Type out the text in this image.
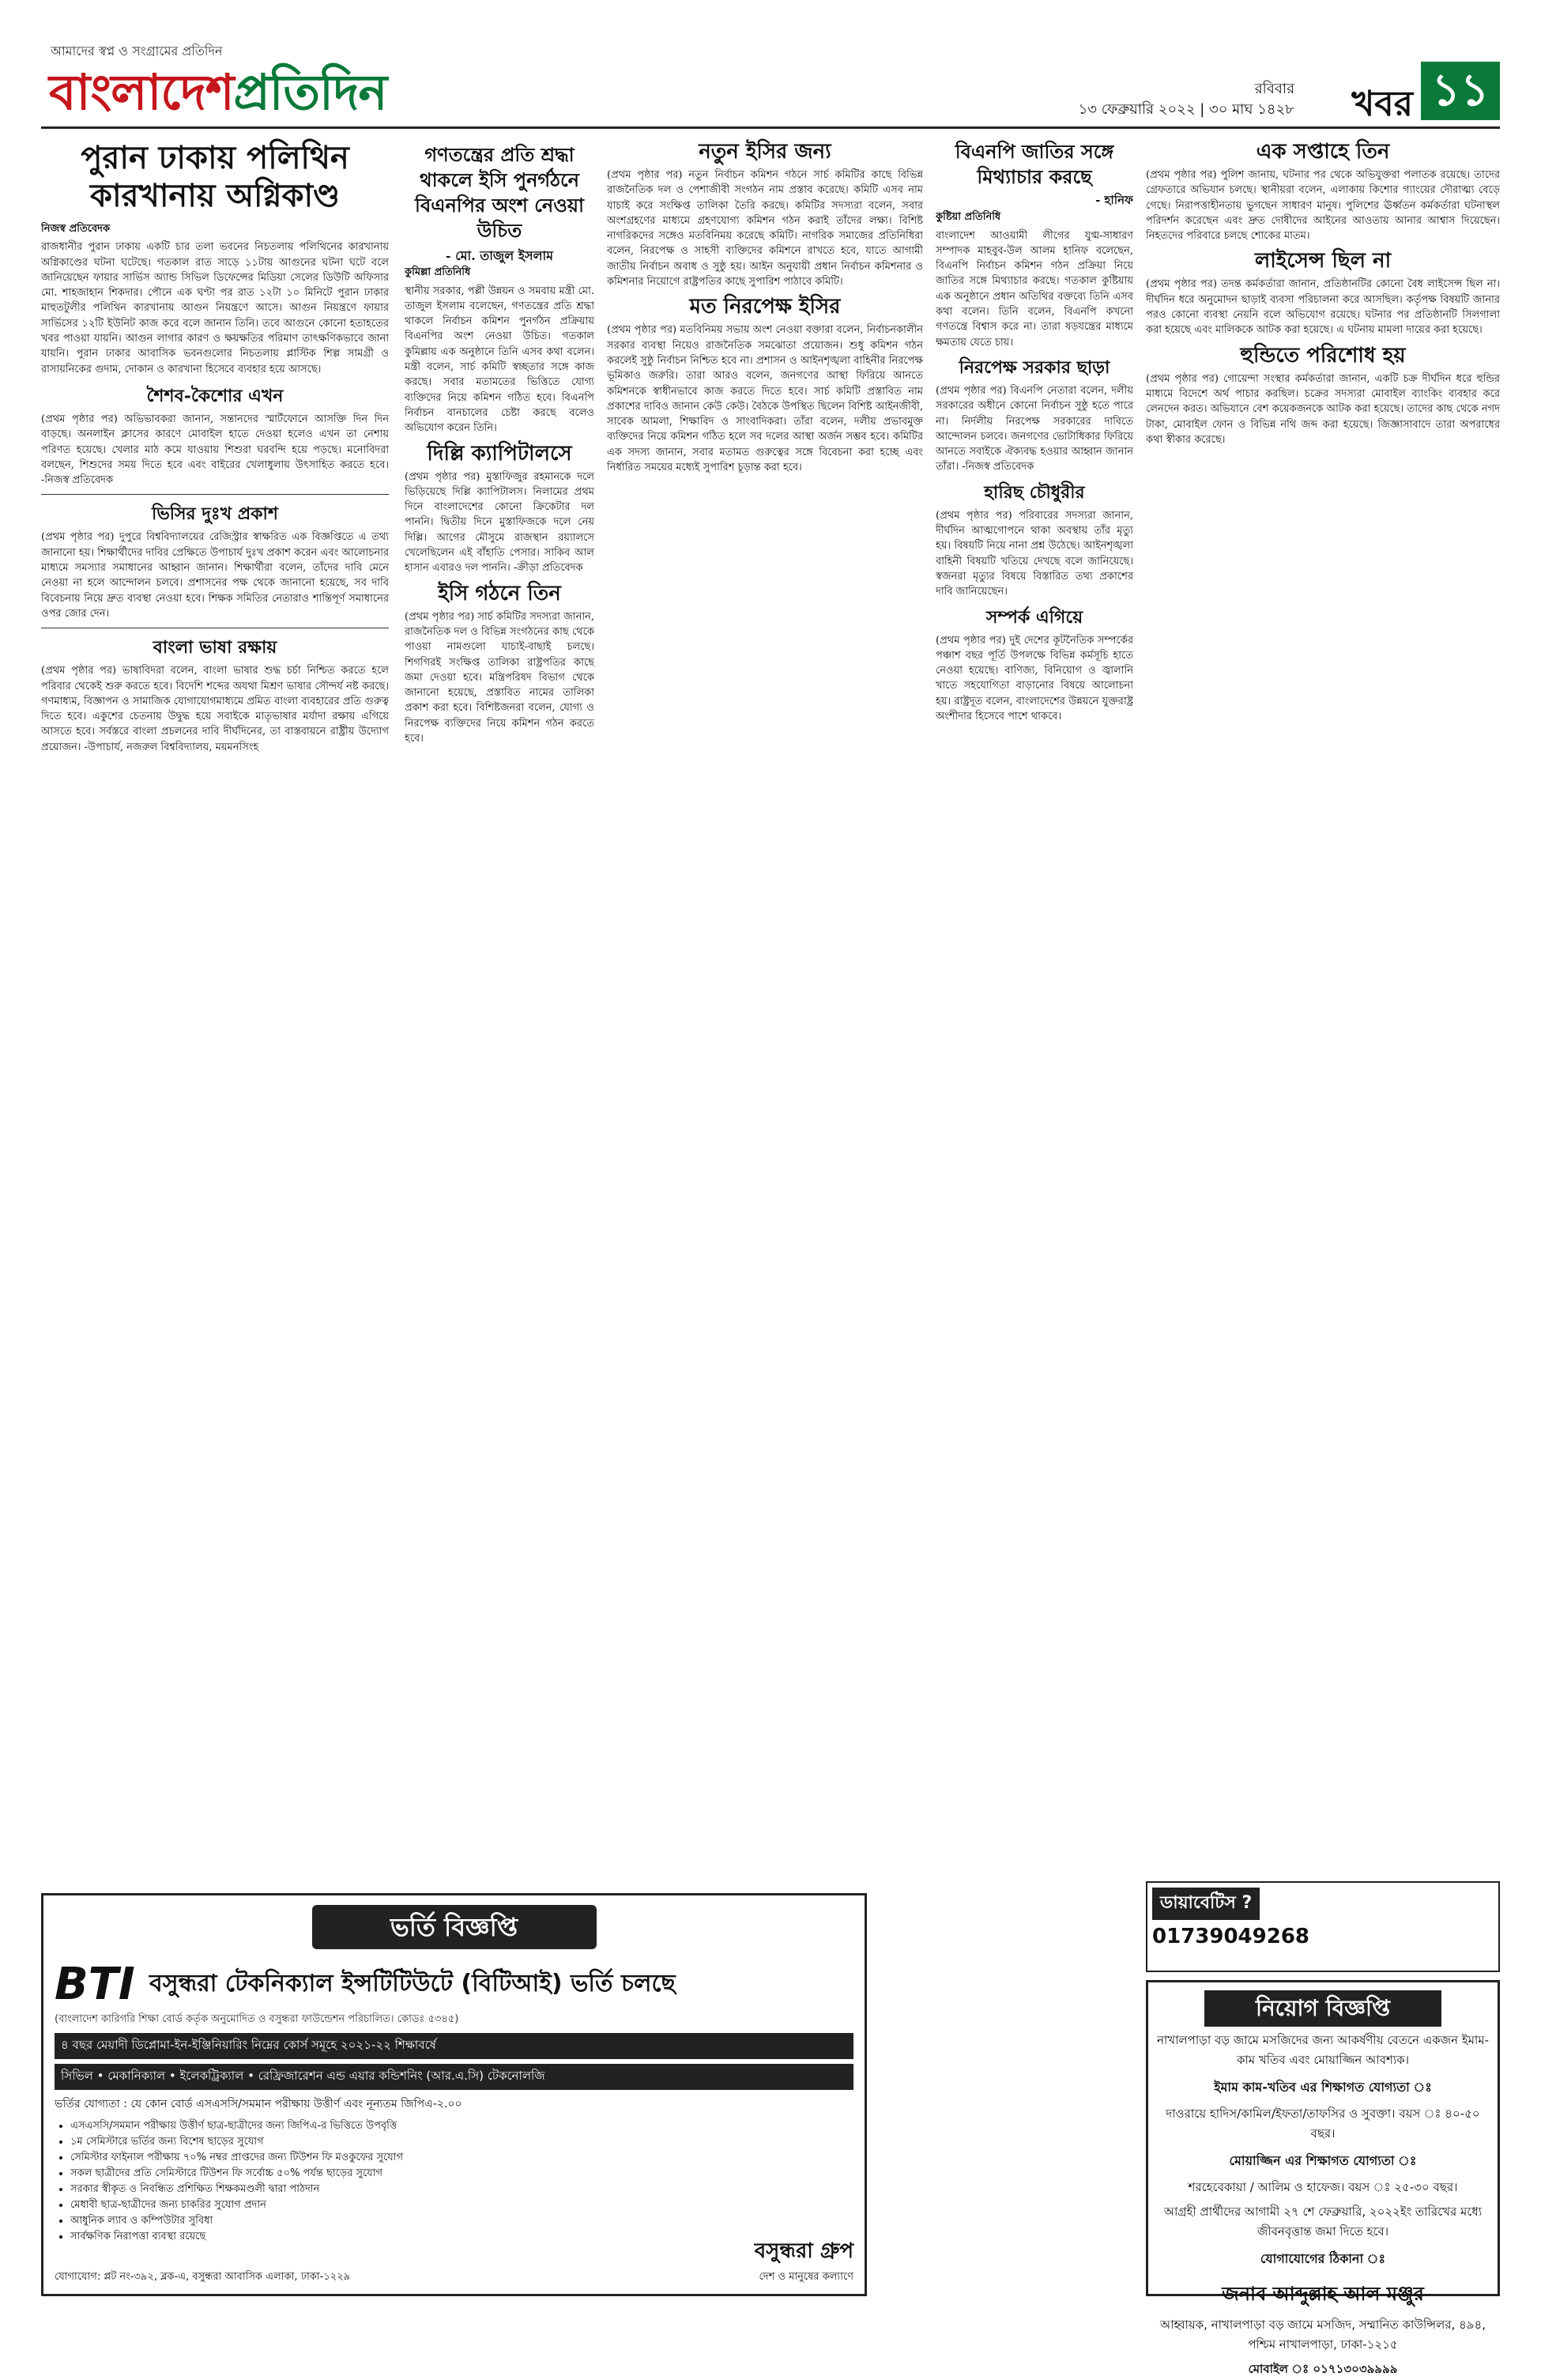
আমাদের স্বপ্ন ও সংগ্রামের প্রতিদিন
বাংলাদেশপ্রতিদিন	রবিবার
১৩ ফেব্রুয়ারি ২০২২ | ৩০ মাঘ ১৪২৮ খবর ১১
পুরান ঢাকায় পলিথিন কারখানায় অগ্নিকাণ্ড
নিজস্ব প্রতিবেদক

রাজধানীর পুরান ঢাকায় একটি চার তলা ভবনের নিচতলায় পলিথিনের কারখানায় অগ্নিকাণ্ডের ঘটনা ঘটেছে। গতকাল রাত সাড়ে ১১টায় আগুনের ঘটনা ঘটে বলে জানিয়েছেন ফায়ার সার্ভিস অ্যান্ড সিভিল ডিফেন্সের মিডিয়া সেলের ডিউটি অফিসার মো. শাহজাহান শিকদার। পৌনে এক ঘণ্টা পর রাত ১২টা ১০ মিনিটে পুরান ঢাকার মাহুতটুলীর পলিথিন কারখানায় আগুন নিয়ন্ত্রণে আসে। আগুন নিয়ন্ত্রণে ফায়ার সার্ভিসের ১২টি ইউনিট কাজ করে বলে জানান তিনি। তবে আগুনে কোনো হতাহতের খবর পাওয়া যায়নি। আগুন লাগার কারণ ও ক্ষয়ক্ষতির পরিমাণ তাৎক্ষণিকভাবে জানা যায়নি। পুরান ঢাকার আবাসিক ভবনগুলোর নিচতলায় প্লাস্টিক শিল্প সামগ্রী ও রাসায়নিকের গুদাম, দোকান ও কারখানা হিসেবে ব্যবহার হয়ে আসছে।

শৈশব-কৈশোর এখন

(প্রথম পৃষ্ঠার পর) অভিভাবকরা জানান, সন্তানদের স্মার্টফোনে আসক্তি দিন দিন বাড়ছে। অনলাইন ক্লাসের কারণে মোবাইল হাতে দেওয়া হলেও এখন তা নেশায় পরিণত হয়েছে। খেলার মাঠ কমে যাওয়ায় শিশুরা ঘরবন্দি হয়ে পড়ছে। মনোবিদরা বলছেন, শিশুদের সময় দিতে হবে এবং বাইরের খেলাধুলায় উৎসাহিত করতে হবে। -নিজস্ব প্রতিবেদক

ভিসির দুঃখ প্রকাশ

(প্রথম পৃষ্ঠার পর) দুপুরে বিশ্ববিদ্যালয়ের রেজিস্ট্রার স্বাক্ষরিত এক বিজ্ঞপ্তিতে এ তথ্য জানানো হয়। শিক্ষার্থীদের দাবির প্রেক্ষিতে উপাচার্য দুঃখ প্রকাশ করেন এবং আলোচনার মাধ্যমে সমস্যার সমাধানের আহ্বান জানান। শিক্ষার্থীরা বলেন, তাঁদের দাবি মেনে নেওয়া না হলে আন্দোলন চলবে। প্রশাসনের পক্ষ থেকে জানানো হয়েছে, সব দাবি বিবেচনায় নিয়ে দ্রুত ব্যবস্থা নেওয়া হবে। শিক্ষক সমিতির নেতারাও শান্তিপূর্ণ সমাধানের ওপর জোর দেন।

বাংলা ভাষা রক্ষায়

(প্রথম পৃষ্ঠার পর) ভাষাবিদরা বলেন, বাংলা ভাষার শুদ্ধ চর্চা নিশ্চিত করতে হলে পরিবার থেকেই শুরু করতে হবে। বিদেশি শব্দের অযথা মিশ্রণ ভাষার সৌন্দর্য নষ্ট করছে। গণমাধ্যম, বিজ্ঞাপন ও সামাজিক যোগাযোগমাধ্যমে প্রমিত বাংলা ব্যবহারের প্রতি গুরুত্ব দিতে হবে। একুশের চেতনায় উদ্বুদ্ধ হয়ে সবাইকে মাতৃভাষার মর্যাদা রক্ষায় এগিয়ে আসতে হবে। সর্বস্তরে বাংলা প্রচলনের দাবি দীর্ঘদিনের, তা বাস্তবায়নে রাষ্ট্রীয় উদ্যোগ প্রয়োজন। -উপাচার্য, নজরুল বিশ্ববিদ্যালয়, ময়মনসিংহ

গণতন্ত্রের প্রতি শ্রদ্ধা থাকলে ইসি পুনর্গঠনে বিএনপির অংশ নেওয়া উচিত
- মো. তাজুল ইসলাম
কুমিল্লা প্রতিনিধি

স্থানীয় সরকার, পল্লী উন্নয়ন ও সমবায় মন্ত্রী মো. তাজুল ইসলাম বলেছেন, গণতন্ত্রের প্রতি শ্রদ্ধা থাকলে নির্বাচন কমিশন পুনর্গঠন প্রক্রিয়ায় বিএনপির অংশ নেওয়া উচিত। গতকাল কুমিল্লায় এক অনুষ্ঠানে তিনি এসব কথা বলেন। মন্ত্রী বলেন, সার্চ কমিটি স্বচ্ছতার সঙ্গে কাজ করছে। সবার মতামতের ভিত্তিতে যোগ্য ব্যক্তিদের নিয়ে কমিশন গঠিত হবে। বিএনপি নির্বাচন বানচালের চেষ্টা করছে বলেও অভিযোগ করেন তিনি।

দিল্লি ক্যাপিটালসে

(প্রথম পৃষ্ঠার পর) মুস্তাফিজুর রহমানকে দলে ভিড়িয়েছে দিল্লি ক্যাপিটালস। নিলামের প্রথম দিনে বাংলাদেশের কোনো ক্রিকেটার দল পাননি। দ্বিতীয় দিনে মুস্তাফিজকে দলে নেয় দিল্লি। আগের মৌসুমে রাজস্থান রয়্যালসে খেলেছিলেন এই বাঁহাতি পেসার। সাকিব আল হাসান এবারও দল পাননি। -ক্রীড়া প্রতিবেদক

ইসি গঠনে তিন

(প্রথম পৃষ্ঠার পর) সার্চ কমিটির সদস্যরা জানান, রাজনৈতিক দল ও বিভিন্ন সংগঠনের কাছ থেকে পাওয়া নামগুলো যাচাই-বাছাই চলছে। শিগগিরই সংক্ষিপ্ত তালিকা রাষ্ট্রপতির কাছে জমা দেওয়া হবে। মন্ত্রিপরিষদ বিভাগ থেকে জানানো হয়েছে, প্রস্তাবিত নামের তালিকা প্রকাশ করা হবে। বিশিষ্টজনরা বলেন, যোগ্য ও নিরপেক্ষ ব্যক্তিদের নিয়ে কমিশন গঠন করতে হবে।

নতুন ইসির জন্য

(প্রথম পৃষ্ঠার পর) নতুন নির্বাচন কমিশন গঠনে সার্চ কমিটির কাছে বিভিন্ন রাজনৈতিক দল ও পেশাজীবী সংগঠন নাম প্রস্তাব করেছে। কমিটি এসব নাম যাচাই করে সংক্ষিপ্ত তালিকা তৈরি করছে। কমিটির সদস্যরা বলেন, সবার অংশগ্রহণের মাধ্যমে গ্রহণযোগ্য কমিশন গঠন করাই তাঁদের লক্ষ্য। বিশিষ্ট নাগরিকদের সঙ্গেও মতবিনিময় করেছে কমিটি। নাগরিক সমাজের প্রতিনিধিরা বলেন, নিরপেক্ষ ও সাহসী ব্যক্তিদের কমিশনে রাখতে হবে, যাতে আগামী জাতীয় নির্বাচন অবাধ ও সুষ্ঠু হয়। আইন অনুযায়ী প্রধান নির্বাচন কমিশনার ও কমিশনার নিয়োগে রাষ্ট্রপতির কাছে সুপারিশ পাঠাবে কমিটি।

মত নিরপেক্ষ ইসির

(প্রথম পৃষ্ঠার পর) মতবিনিময় সভায় অংশ নেওয়া বক্তারা বলেন, নির্বাচনকালীন সরকার ব্যবস্থা নিয়েও রাজনৈতিক সমঝোতা প্রয়োজন। শুধু কমিশন গঠন করলেই সুষ্ঠু নির্বাচন নিশ্চিত হবে না। প্রশাসন ও আইনশৃঙ্খলা বাহিনীর নিরপেক্ষ ভূমিকাও জরুরি। তারা আরও বলেন, জনগণের আস্থা ফিরিয়ে আনতে কমিশনকে স্বাধীনভাবে কাজ করতে দিতে হবে। সার্চ কমিটি প্রস্তাবিত নাম প্রকাশের দাবিও জানান কেউ কেউ। বৈঠকে উপস্থিত ছিলেন বিশিষ্ট আইনজীবী, সাবেক আমলা, শিক্ষাবিদ ও সাংবাদিকরা। তাঁরা বলেন, দলীয় প্রভাবমুক্ত ব্যক্তিদের নিয়ে কমিশন গঠিত হলে সব দলের আস্থা অর্জন সম্ভব হবে। কমিটির এক সদস্য জানান, সবার মতামত গুরুত্বের সঙ্গে বিবেচনা করা হচ্ছে এবং নির্ধারিত সময়ের মধ্যেই সুপারিশ চূড়ান্ত করা হবে।

বিএনপি জাতির সঙ্গে মিথ্যাচার করছে
- হানিফ
কুষ্টিয়া প্রতিনিধি

বাংলাদেশ আওয়ামী লীগের যুগ্ম-সাধারণ সম্পাদক মাহবুব-উল আলম হানিফ বলেছেন, বিএনপি নির্বাচন কমিশন গঠন প্রক্রিয়া নিয়ে জাতির সঙ্গে মিথ্যাচার করছে। গতকাল কুষ্টিয়ায় এক অনুষ্ঠানে প্রধান অতিথির বক্তব্যে তিনি এসব কথা বলেন। তিনি বলেন, বিএনপি কখনো গণতন্ত্রে বিশ্বাস করে না। তারা ষড়যন্ত্রের মাধ্যমে ক্ষমতায় যেতে চায়।

নিরপেক্ষ সরকার ছাড়া

(প্রথম পৃষ্ঠার পর) বিএনপি নেতারা বলেন, দলীয় সরকারের অধীনে কোনো নির্বাচন সুষ্ঠু হতে পারে না। নির্দলীয় নিরপেক্ষ সরকারের দাবিতে আন্দোলন চলবে। জনগণের ভোটাধিকার ফিরিয়ে আনতে সবাইকে ঐক্যবদ্ধ হওয়ার আহ্বান জানান তাঁরা। -নিজস্ব প্রতিবেদক

হারিছ চৌধুরীর

(প্রথম পৃষ্ঠার পর) পরিবারের সদস্যরা জানান, দীর্ঘদিন আত্মগোপনে থাকা অবস্থায় তাঁর মৃত্যু হয়। বিষয়টি নিয়ে নানা প্রশ্ন উঠেছে। আইনশৃঙ্খলা বাহিনী বিষয়টি খতিয়ে দেখছে বলে জানিয়েছে। স্বজনরা মৃত্যুর বিষয়ে বিস্তারিত তথ্য প্রকাশের দাবি জানিয়েছেন।

সম্পর্ক এগিয়ে

(প্রথম পৃষ্ঠার পর) দুই দেশের কূটনৈতিক সম্পর্কের পঞ্চাশ বছর পূর্তি উপলক্ষে বিভিন্ন কর্মসূচি হাতে নেওয়া হয়েছে। বাণিজ্য, বিনিয়োগ ও জ্বালানি খাতে সহযোগিতা বাড়ানোর বিষয়ে আলোচনা হয়। রাষ্ট্রদূত বলেন, বাংলাদেশের উন্নয়নে যুক্তরাষ্ট্র অংশীদার হিসেবে পাশে থাকবে।

এক সপ্তাহে তিন

(প্রথম পৃষ্ঠার পর) পুলিশ জানায়, ঘটনার পর থেকে অভিযুক্তরা পলাতক রয়েছে। তাদের গ্রেফতারে অভিযান চলছে। স্থানীয়রা বলেন, এলাকায় কিশোর গ্যাংয়ের দৌরাত্ম্য বেড়ে গেছে। নিরাপত্তাহীনতায় ভুগছেন সাধারণ মানুষ। পুলিশের ঊর্ধ্বতন কর্মকর্তারা ঘটনাস্থল পরিদর্শন করেছেন এবং দ্রুত দোষীদের আইনের আওতায় আনার আশ্বাস দিয়েছেন। নিহতদের পরিবারে চলছে শোকের মাতম।

লাইসেন্স ছিল না

(প্রথম পৃষ্ঠার পর) তদন্ত কর্মকর্তারা জানান, প্রতিষ্ঠানটির কোনো বৈধ লাইসেন্স ছিল না। দীর্ঘদিন ধরে অনুমোদন ছাড়াই ব্যবসা পরিচালনা করে আসছিল। কর্তৃপক্ষ বিষয়টি জানার পরও কোনো ব্যবস্থা নেয়নি বলে অভিযোগ রয়েছে। ঘটনার পর প্রতিষ্ঠানটি সিলগালা করা হয়েছে এবং মালিককে আটক করা হয়েছে। এ ঘটনায় মামলা দায়ের করা হয়েছে।

হুন্ডিতে পরিশোধ হয়

(প্রথম পৃষ্ঠার পর) গোয়েন্দা সংস্থার কর্মকর্তারা জানান, একটি চক্র দীর্ঘদিন ধরে হুন্ডির মাধ্যমে বিদেশে অর্থ পাচার করছিল। চক্রের সদস্যরা মোবাইল ব্যাংকিং ব্যবহার করে লেনদেন করত। অভিযানে বেশ কয়েকজনকে আটক করা হয়েছে। তাদের কাছ থেকে নগদ টাকা, মোবাইল ফোন ও বিভিন্ন নথি জব্দ করা হয়েছে। জিজ্ঞাসাবাদে তারা অপরাধের কথা স্বীকার করেছে।

ভর্তি বিজ্ঞপ্তি
BTI বসুন্ধরা টেকনিক্যাল ইন্সটিটিউটে (বিটিআই) ভর্তি চলছে
(বাংলাদেশ কারিগরি শিক্ষা বোর্ড কর্তৃক অনুমোদিত ও বসুন্ধরা ফাউন্ডেশন পরিচালিত। কোডঃ ৫৩৪৫)
৪ বছর মেয়াদী ডিপ্লোমা-ইন-ইঞ্জিনিয়ারিং নিম্নের কোর্স সমূহে ২০২১-২২ শিক্ষাবর্ষে
সিভিল • মেকানিক্যাল • ইলেকট্রিক্যাল • রেফ্রিজারেশন এন্ড এয়ার কন্ডিশনিং (আর.এ.সি) টেকনোলজি
ভর্তির যোগ্যতা : যে কোন বোর্ড এসএসসি/সমমান পরীক্ষায় উত্তীর্ণ এবং নূন্যতম জিপিএ-২.০০
• এসএসসি/সমমান পরীক্ষায় উত্তীর্ণ ছাত্র-ছাত্রীদের জন্য জিপিএ-র ভিত্তিতে উপবৃত্তি
• ১ম সেমিস্টারে ভর্তির জন্য বিশেষ ছাড়ের সুযোগ
• সেমিস্টার ফাইনাল পরীক্ষায় ৭০% নম্বর প্রাপ্তদের জন্য টিউশন ফি মওকুফের সুযোগ
• সকল ছাত্রীদের প্রতি সেমিস্টারে টিউশন ফি সর্বোচ্চ ৫০% পর্যন্ত ছাড়ের সুযোগ
• সরকার স্বীকৃত ও নিবন্ধিত প্রশিক্ষিত শিক্ষকমণ্ডলী দ্বারা পাঠদান
• মেধাবী ছাত্র-ছাত্রীদের জন্য চাকরির সুযোগ প্রদান
• আধুনিক ল্যাব ও কম্পিউটার সুবিধা
• সার্বক্ষণিক নিরাপত্তা ব্যবস্থা রয়েছে
যোগাযোগ: প্লট নং-৩৯২, ব্লক-এ, বসুন্ধরা আবাসিক এলাকা, ঢাকা-১২২৯
বসুন্ধরা গ্রুপ
দেশ ও মানুষের কল্যাণে
ডায়াবেটিস ?
01739049268
নিয়োগ বিজ্ঞপ্তি
নাখালপাড়া বড় জামে মসজিদের জন্য আকর্ষণীয় বেতনে একজন ইমাম-কাম খতিব এবং মোয়াজ্জিন আবশ্যক।
ইমাম কাম-খতিব এর শিক্ষাগত যোগ্যতা ঃ
দাওরায়ে হাদিস/কামিল/ইফতা/তাফসির ও সুবক্তা। বয়স ঃ ৪০-৫০ বছর।
মোয়াজ্জিন এর শিক্ষাগত যোগ্যতা ঃ
শরহেবেকায়া / আলিম ও হাফেজ। বয়স ঃ ২৫-৩০ বছর।
আগ্রহী প্রার্থীদের আগামী ২৭ শে ফেব্রুয়ারি, ২০২২ইং তারিখের মধ্যে জীবনবৃত্তান্ত জমা দিতে হবে।
যোগাযোগের ঠিকানা ঃ
জনাব আব্দুল্লাহ আল মঞ্জুর
আহ্বায়ক, নাখালপাড়া বড় জামে মসজিদ, সম্মানিত কাউন্সিলর, ৪৯৪, পশ্চিম নাখালপাড়া, ঢাকা-১২১৫
মোবাইল ঃ ০১৭১৩০৩৯৯৯৯
